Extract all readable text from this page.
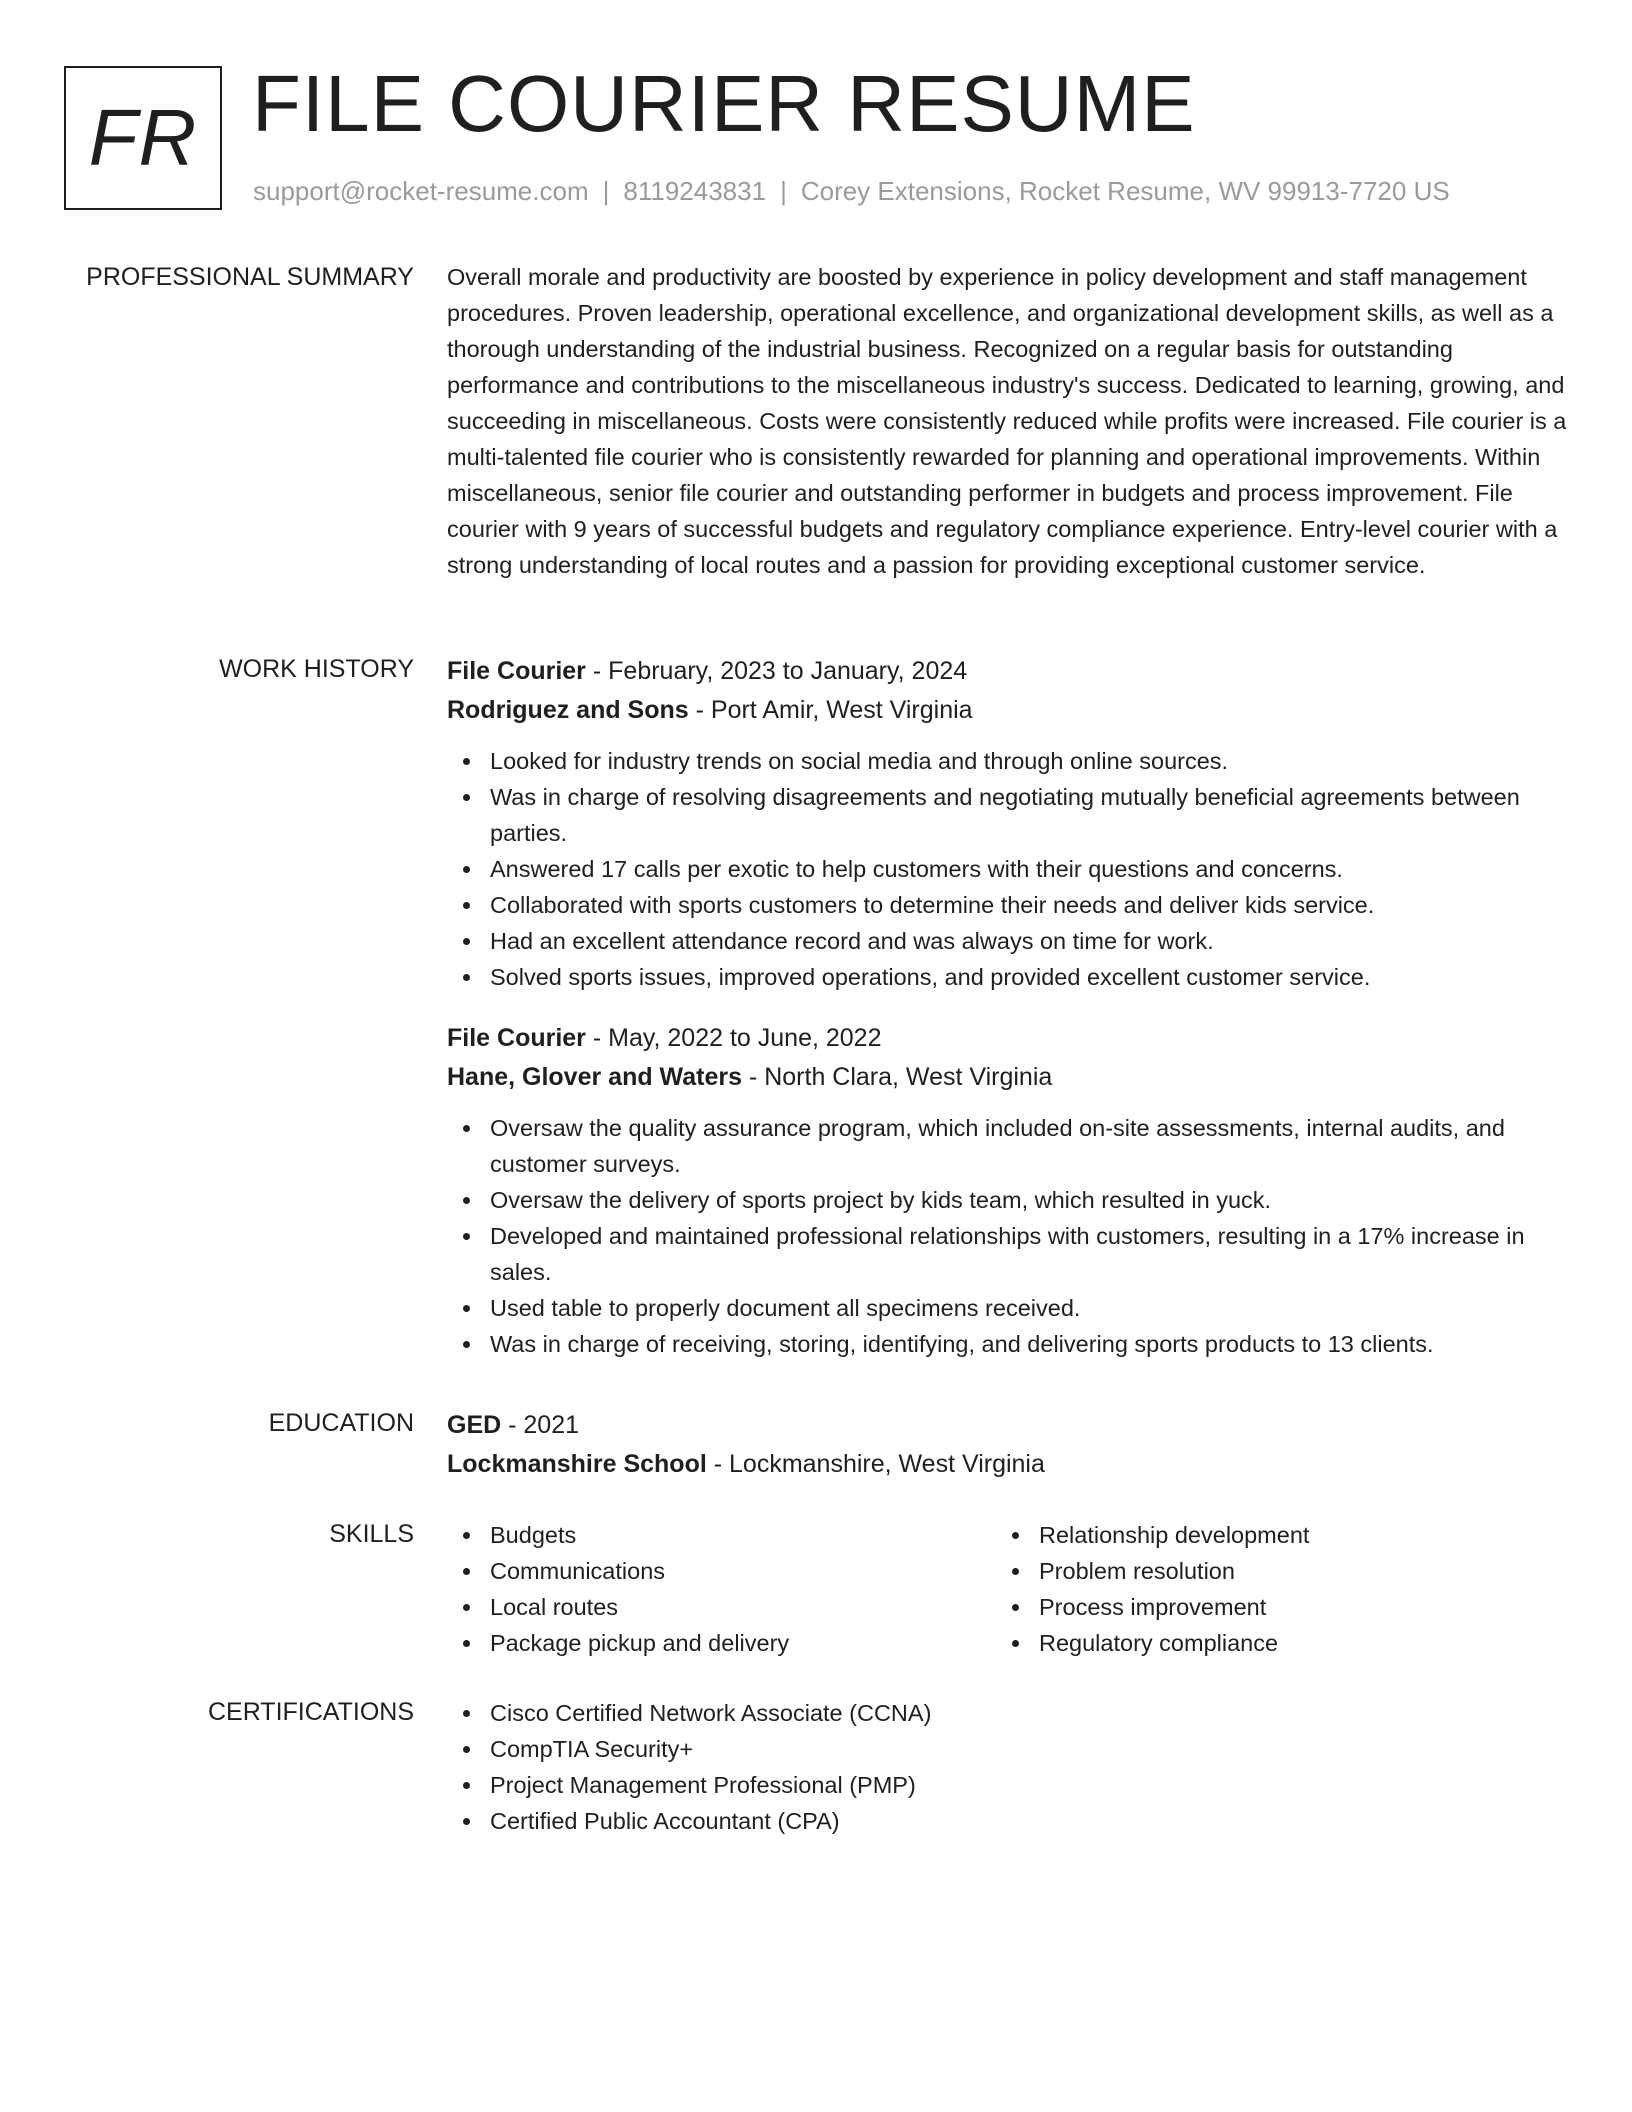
FR FILE COURIER RESUME
support@rocket-resume.com | 8119243831 | Corey Extensions, Rocket Resume, WV 99913-7720 US
PROFESSIONAL SUMMARY Overall morale and productivity are boosted by experience in policy development and staff management procedures. Proven leadership, operational excellence, and organizational development skills, as well as a thorough understanding of the industrial business. Recognized on a regular basis for outstanding performance and contributions to the miscellaneous industry's success. Dedicated to learning, growing, and succeeding in miscellaneous. Costs were consistently reduced while profits were increased. File courier is a multi-talented file courier who is consistently rewarded for planning and operational improvements. Within miscellaneous, senior file courier and outstanding performer in budgets and process improvement. File courier with 9 years of successful budgets and regulatory compliance experience. Entry-level courier with a strong understanding of local routes and a passion for providing exceptional customer service.
WORK HISTORY File Courier - February, 2023 to January, 2024
Rodriguez and Sons - Port Amir, West Virginia
Looked for industry trends on social media and through online sources.
Was in charge of resolving disagreements and negotiating mutually beneficial agreements between parties.
Answered 17 calls per exotic to help customers with their questions and concerns.
Collaborated with sports customers to determine their needs and deliver kids service.
Had an excellent attendance record and was always on time for work.
Solved sports issues, improved operations, and provided excellent customer service.
File Courier - May, 2022 to June, 2022
Hane, Glover and Waters - North Clara, West Virginia
Oversaw the quality assurance program, which included on-site assessments, internal audits, and customer surveys.
Oversaw the delivery of sports project by kids team, which resulted in yuck.
Developed and maintained professional relationships with customers, resulting in a 17% increase in sales.
Used table to properly document all specimens received.
Was in charge of receiving, storing, identifying, and delivering sports products to 13 clients.
EDUCATION GED - 2021
Lockmanshire School - Lockmanshire, West Virginia
SKILLS	Budgets
Communications
Local routes
Package pickup and delivery
Relationship development
Problem resolution
Process improvement
Regulatory compliance
CERTIFICATIONS	Cisco Certified Network Associate (CCNA)
CompTIA Security+
Project Management Professional (PMP)
Certified Public Accountant (CPA)
